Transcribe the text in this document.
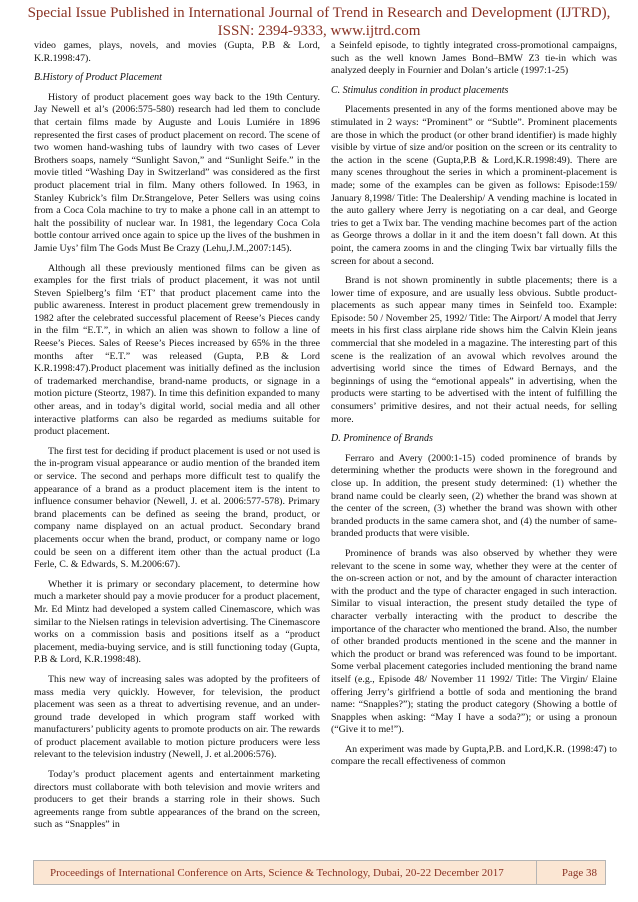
Special Issue Published in International Journal of Trend in Research and Development (IJTRD),
ISSN: 2394-9333, www.ijtrd.com

video games, plays, novels, and movies (Gupta, P.B & Lord, K.R.1998:47).

B.History of Product Placement

History of product placement goes way back to the 19th Century. Jay Newell et al’s (2006:575-580) research had led them to conclude that certain films made by Auguste and Louis Lumiére in 1896 represented the first cases of product placement on record. The scene of two women hand-washing tubs of laundry with two cases of Lever Brothers soaps, namely “Sunlight Savon,” and “Sunlight Seife.” in the movie titled “Washing Day in Switzerland” was considered as the first product placement trial in film. Many others followed. In 1963, in Stanley Kubrick’s film Dr.Strangelove, Peter Sellers was using coins from a Coca Cola machine to try to make a phone call in an attempt to halt the possibility of nuclear war. In 1981, the legendary Coca Cola bottle contour arrived once again to spice up the lives of the bushmen in Jamie Uys’ film The Gods Must Be Crazy (Lehu,J.M.,2007:145).

Although all these previously mentioned films can be given as examples for the first trials of product placement, it was not until Steven Spielberg’s film ‘ET’ that product placement came into the public awareness. Interest in product placement grew tremendously in 1982 after the celebrated successful placement of Reese’s Pieces candy in the film “E.T.”, in which an alien was shown to follow a line of Reese’s Pieces. Sales of Reese’s Pieces increased by 65% in the three months after “E.T.” was released (Gupta, P.B & Lord K.R.1998:47).Product placement was initially defined as the inclusion of trademarked merchandise, brand-name products, or signage in a motion picture (Steortz, 1987). In time this definition expanded to many other areas, and in today’s digital world, social media and all other interactive platforms can also be regarded as mediums suitable for product placement.

The first test for deciding if product placement is used or not used is the in-program visual appearance or audio mention of the branded item or service. The second and perhaps more difficult test to qualify the appearance of a brand as a product placement item is the intent to influence consumer behavior (Newell, J. et al. 2006:577-578). Primary brand placements can be defined as seeing the brand, product, or company name displayed on an actual product. Secondary brand placements occur when the brand, product, or company name or logo could be seen on a different item other than the actual product (La Ferle, C. & Edwards, S. M.2006:67).

Whether it is primary or secondary placement, to determine how much a marketer should pay a movie producer for a product placement, Mr. Ed Mintz had developed a system called Cinemascore, which was similar to the Nielsen ratings in television advertising. The Cinemascore works on a commission basis and positions itself as a “product placement, media-buying service, and is still functioning today (Gupta, P.B & Lord, K.R.1998:48).

This new way of increasing sales was adopted by the profiteers of mass media very quickly. However, for television, the product placement was seen as a threat to advertising revenue, and an under-ground trade developed in which program staff worked with manufacturers’ publicity agents to promote products on air. The rewards of product placement available to motion picture producers were less relevant to the television industry (Newell, J. et al.2006:576).

Today’s product placement agents and entertainment marketing directors must collaborate with both television and movie writers and producers to get their brands a starring role in their shows. Such agreements range from subtle appearances of the brand on the screen, such as “Snapples” in

a Seinfeld episode, to tightly integrated cross-promotional campaigns, such as the well known James Bond–BMW Z3 tie-in which was analyzed deeply in Fournier and Dolan’s article (1997:1-25)

C. Stimulus condition in product placements

Placements presented in any of the forms mentioned above may be stimulated in 2 ways: “Prominent” or “Subtle”. Prominent placements are those in which the product (or other brand identifier) is made highly visible by virtue of size and/or position on the screen or its centrality to the action in the scene (Gupta,P.B & Lord,K.R.1998:49). There are many scenes throughout the series in which a prominent-placement is made; some of the examples can be given as follows: Episode:159/ January 8,1998/ Title: The Dealership/ A vending machine is located in the auto gallery where Jerry is negotiating on a car deal, and George tries to get a Twix bar. The vending machine becomes part of the action as George throws a dollar in it and the item doesn’t fall down. At this point, the camera zooms in and the clinging Twix bar virtually fills the screen for about a second.

Brand is not shown prominently in subtle placements; there is a lower time of exposure, and are usually less obvious. Subtle product-placements as such appear many times in Seinfeld too. Example: Episode: 50 / November 25, 1992/ Title: The Airport/ A model that Jerry meets in his first class airplane ride shows him the Calvin Klein jeans commercial that she modeled in a magazine. The interesting part of this scene is the realization of an avowal which revolves around the advertising world since the times of Edward Bernays, and the beginnings of using the “emotional appeals” in advertising, when the products were starting to be advertised with the intent of fulfilling the consumers’ primitive desires, and not their actual needs, for selling more.

D. Prominence of Brands

Ferraro and Avery (2000:1-15) coded prominence of brands by determining whether the products were shown in the foreground and close up. In addition, the present study determined: (1) whether the brand name could be clearly seen, (2) whether the brand was shown at the center of the screen, (3) whether the brand was shown with other branded products in the same camera shot, and (4) the number of same-branded products that were visible.

Prominence of brands was also observed by whether they were relevant to the scene in some way, whether they were at the center of the on-screen action or not, and by the amount of character interaction with the product and the type of character engaged in such interaction. Similar to visual interaction, the present study detailed the type of character verbally interacting with the product to describe the importance of the character who mentioned the brand. Also, the number of other branded products mentioned in the scene and the manner in which the product or brand was referenced was found to be important. Some verbal placement categories included mentioning the brand name itself (e.g., Episode 48/ November 11 1992/ Title: The Virgin/ Elaine offering Jerry’s girlfriend a bottle of soda and mentioning the brand name: “Snapples?”); stating the product category (Showing a bottle of Snapples when asking: “May I have a soda?”); or using a pronoun (“Give it to me!”).

An experiment was made by Gupta,P.B. and Lord,K.R. (1998:47) to compare the recall effectiveness of common

Proceedings of International Conference on Arts, Science & Technology, Dubai, 20-22 December 2017	Page 38
